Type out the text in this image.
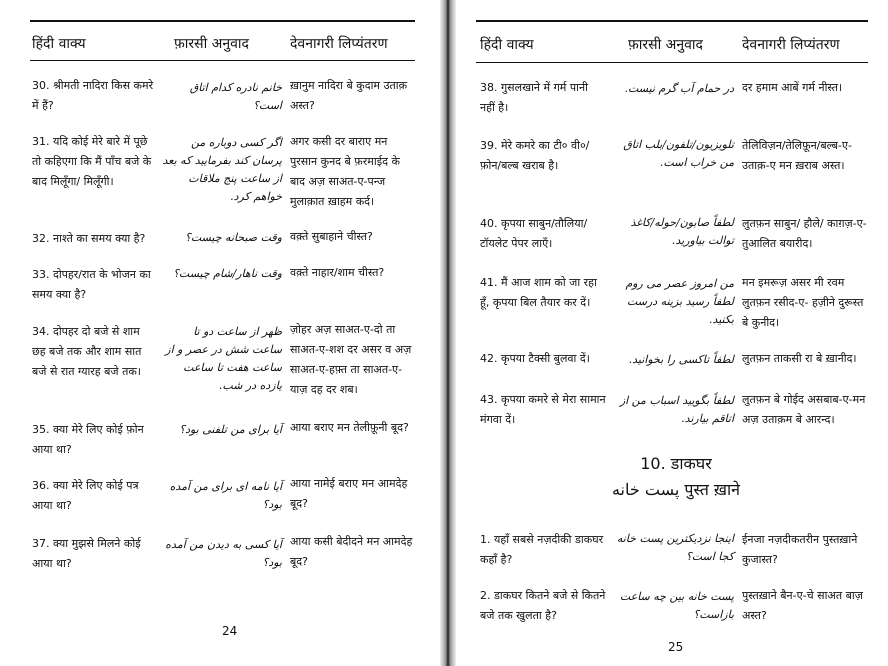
हिंदी वाक्य	फ़ारसी अनुवाद	देवनागरी लिप्यंतरण
30. श्रीमती नादिरा किस कमरे में हैं?
خانم نادره کدام اتاق است؟
ख़ानुम नादिरा बे कुदाम उताक़ अस्त?
31. यदि कोई मेरे बारे में पूछे तो कहिएगा कि मैं पाँच बजे के बाद मिलूँगा/ मिलूँगी।
اگر کسی دوباره من پرسان کند بفرمایید که بعد از ساعت پنج ملاقات خواهم کرد.
अगर कसी दर बाराए मन पुरसान कुनद बे फ़रमाईद के बाद अज़ साअत-ए-पन्ज मुलाक़ात ख़ाहम कर्द।
32. नाश्ते का समय क्या है?	وقت صبحانه چیست؟ वक़्ते सुबाहाने चीस्त?
33. दोपहर/रात के भोजन का समय क्या है?
وقت ناهار/شام چیست؟ वक़्ते नाहार/शाम चीस्त?
34. दोपहर दो बजे से शाम छह बजे तक और शाम सात बजे से रात ग्यारह बजे तक।
ظهر از ساعت دو تا ساعت شش در عصر و از ساعت هفت تا ساعت یازده در شب.
ज़ोहर अज़ साअत-ए-दो ता साअत-ए-शश दर असर व अज़ साअत-ए-हफ़्त ता साअत-ए-याज़ दह दर शब।
35. क्या मेरे लिए कोई फ़ोन आया था?
آیا برای من تلفنی بود؟ आया बराए मन तेलीफ़ूनी बूद?
36. क्या मेरे लिए कोई पत्र आया था?
آیا نامه ای برای من آمده بود؟
आया नामेई बराए मन आमदेह बूद?
37. क्या मुझसे मिलने कोई आया था?
آیا کسی به دیدن من آمده بود؟
आया कसी बेदीदने मन आमदेह बूद?
24
हिंदी वाक्य	फ़ारसी अनुवाद	देवनागरी लिप्यंतरण
38. गुसलखाने में गर्म पानी नहीं है।
در حمام آب گرم نیست. दर हमाम आबें गर्म नीस्त।
39. मेरे कमरे का टी० वी०/फ़ोन/बल्ब खराब है।
تلویزیون/تلفون/بلب اتاق من خراب است.
तेलिविज़न/तेलिफ़ून/बल्ब-ए-उताक़-ए मन ख़राब अस्त।
40. कृपया साबुन/तौलिया/ टॉयलेट पेपर लाएँ।
لطفاً صابون/حوله/کاغذ توالت بیاورید.
लुतफ़न साबुन/ हौले/ काग़ज़-ए-तुआलित बयारीद।
41. मैं आज शाम को जा रहा हूँ, कृपया बिल तैयार कर दें।
من امروز عصر می روم لطفاً رسید بزینه درست بکنید.
मन इमरूज़ असर मी रवम लुतफ़न रसीद-ए- हज़ीने दुरूस्त बे कुनीद।
42. कृपया टैक्सी बुलवा दें।	لطفاً تاکسی را بخوانید. लुतफ़न ताकसी रा बे ख़ानीद।
43. कृपया कमरे से मेरा सामान मंगवा दें।
لطفاً بگویید اسباب من از اتاقم بیارند.
लुतफ़न बे गोईद असबाब-ए-मन अज़ उताक़म बे आरन्द।
10. डाकघर
पुस्त ख़ाने پست خانه
1. यहाँ सबसे नज़दीकी डाकघर कहाँ है?
اینجا نزدیکترین پست خانه کجا است؟
ईनजा नज़दीकतरीन पुस्तख़ाने कुजास्त?
2. डाकघर कितने बजे से कितने बजे तक खुलता है?
پست خانه بین چه ساعت بازاست؟
पुस्तख़ाने बैन-ए-चे साअत बाज़ अस्त?
25
